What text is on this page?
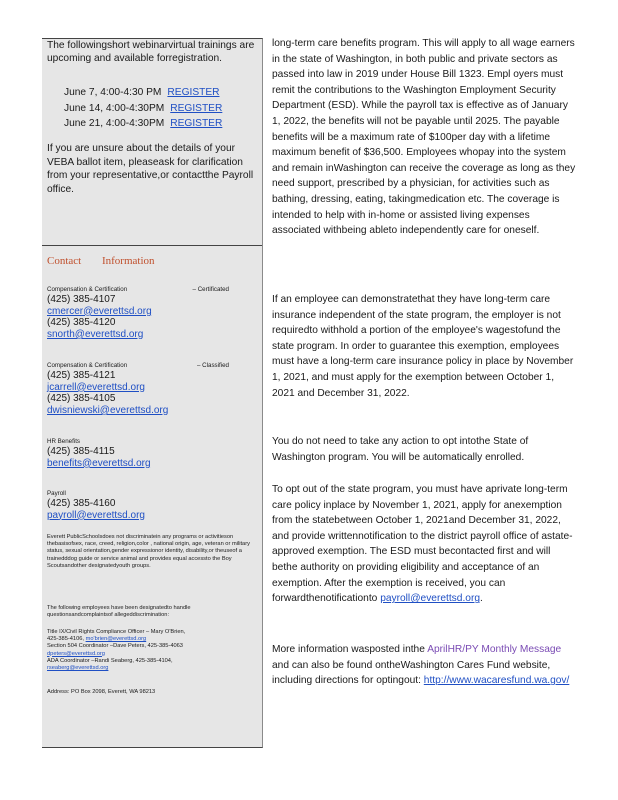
The followingshort webinarvirtual trainings are upcoming and available forregistration.
June 7, 4:00-4:30 PM REGISTER
June 14, 4:00-4:30PM REGISTER
June 21, 4:00-4:30PM REGISTER
If you are unsure about the details of your VEBA ballot item, pleaseask for clarification from your representative,or contactthe Payroll office.
Contact Information
Compensation & Certification	– Certificated
(425) 385-4107
cmercer@everettsd.org
(425) 385-4120
snorth@everettsd.org
Compensation & Certification	– Classified
(425) 385-4121
jcarrell@everettsd.org
(425) 385-4105
dwisniewski@everettsd.org
HR Benefits
(425) 385-4115
benefits@everettsd.org
Payroll
(425) 385-4160
payroll@everettsd.org
Everett PublicSchoolsdoes not discriminatein any programs or activitieson thebasisofsex, race, creed, religion,color , national origin, age, veteran or military status, sexual orientation,gender expressionor identity, disability,or theuseof a trainedddog guide or service animal and provides equal accessto the Boy Scoutsandother designatedyouth groups.
The following employees have been designatedto handle questionsandcomplaintsof allegeddiscrimination:
Title IX/Civil Rights Compliance Officer – Mary O'Brien,
425-385-4106, mo'brien@everettsd.org
Section 504 Coordinator –Dave Peters, 425-385-4063
dpeters@everettsd.org
ADA Coordinator –Randi Seaberg, 425-385-4104,
rseaberg@everettsd.org
Address: PO Box 2098, Everett, WA 98213

long-term care benefits program. This will apply to all wage earners in the state of Washington, in both public and private sectors as passed into law in 2019 under House Bill 1323. Empl oyers must remit the contributions to the Washington Employment Security Department (ESD). While the payroll tax is effective as of January 1, 2022, the benefits will not be payable until 2025. The payable benefits will be a maximum rate of $100per day with a lifetime maximum benefit of $36,500. Employees whopay into the system and remain inWashington can receive the coverage as long as they need support, prescribed by a physician, for activities such as bathing, dressing, eating, takingmedication etc. The coverage is intended to help with in-home or assisted living expenses associated withbeing ableto independently care for oneself.

If an employee can demonstratethat they have long-term care insurance independent of the state program, the employer is not requiredto withhold a portion of the employee's wagestofund the state program. In order to guarantee this exemption, employees must have a long-term care insurance policy in place by November 1, 2021, and must apply for the exemption between October 1, 2021 and December 31, 2022.

You do not need to take any action to opt intothe State of Washington program. You will be automatically enrolled.

To opt out of the state program, you must have aprivate long-term care policy inplace by November 1, 2021, apply for anexemption from the statebetween October 1, 2021and December 31, 2022, and provide writtennotification to the district payroll office of astate- approved exemption. The ESD must becontacted first and will bethe authority on providing eligibility and acceptance of an exemption. After the exemption is received, you can forwardthenotificationto payroll@everettsd.org.

More information wasposted inthe AprilHR/PY Monthly Message and can also be found ontheWashington Cares Fund website, including directions for optingout: http://www.wacaresfund.wa.gov/
